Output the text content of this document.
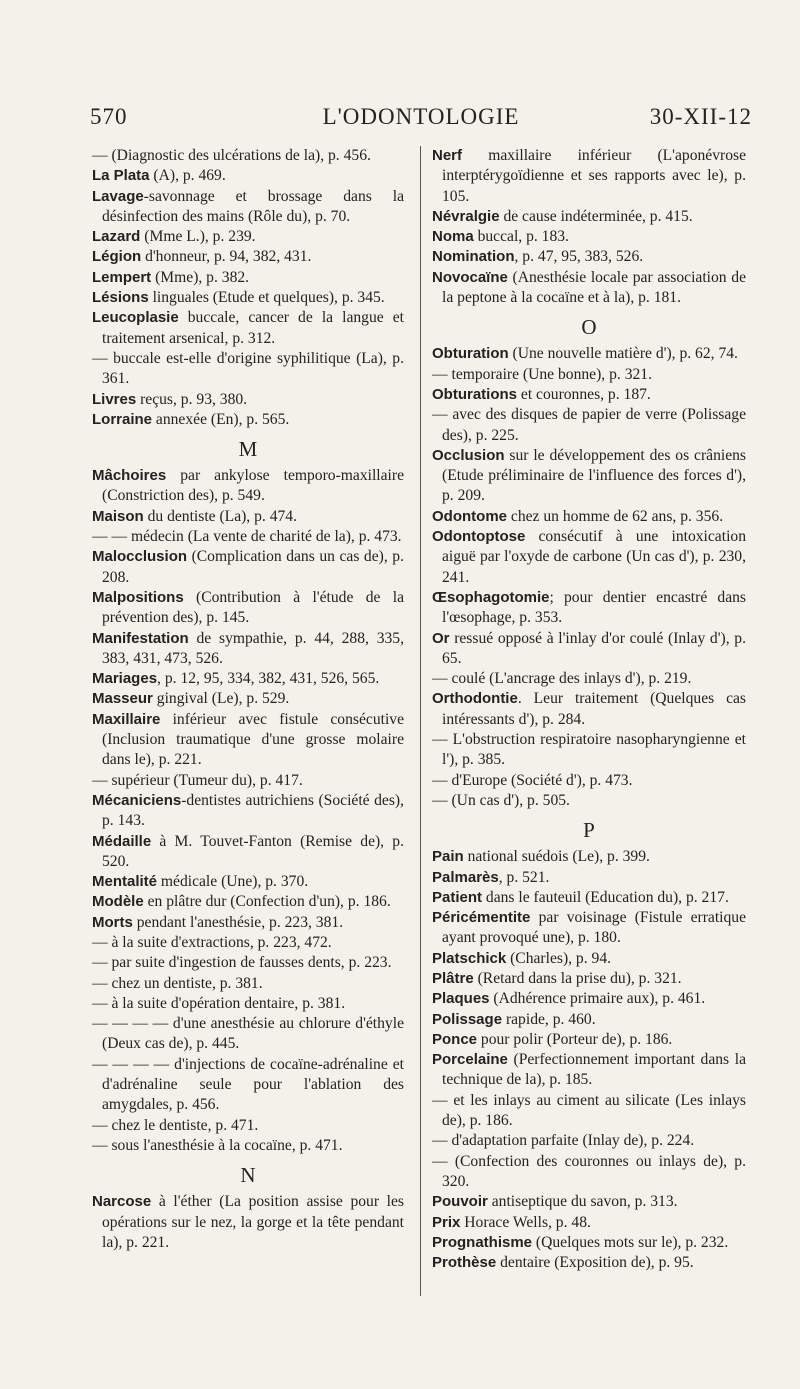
570	L'ODONTOLOGIE	30-XII-12
— (Diagnostic des ulcérations de la), p. 456.
La Plata (A), p. 469.
Lavage-savonnage et brossage dans la désinfection des mains (Rôle du), p. 70.
Lazard (Mme L.), p. 239.
Légion d'honneur, p. 94, 382, 431.
Lempert (Mme), p. 382.
Lésions linguales (Etude et quelques), p. 345.
Leucoplasie buccale, cancer de la langue et traitement arsenical, p. 312.
— buccale est-elle d'origine syphilitique (La), p. 361.
Livres reçus, p. 93, 380.
Lorraine annexée (En), p. 565.
M
Mâchoires par ankylose temporo-maxillaire (Constriction des), p. 549.
Maison du dentiste (La), p. 474.
— — médecin (La vente de charité de la), p. 473.
Malocclusion (Complication dans un cas de), p. 208.
Malpositions (Contribution à l'étude de la prévention des), p. 145.
Manifestation de sympathie, p. 44, 288, 335, 383, 431, 473, 526.
Mariages, p. 12, 95, 334, 382, 431, 526, 565.
Masseur gingival (Le), p. 529.
Maxillaire inférieur avec fistule consécutive (Inclusion traumatique d'une grosse molaire dans le), p. 221.
— supérieur (Tumeur du), p. 417.
Mécaniciens-dentistes autrichiens (Société des), p. 143.
Médaille à M. Touvet-Fanton (Remise de), p. 520.
Mentalité médicale (Une), p. 370.
Modèle en plâtre dur (Confection d'un), p. 186.
Morts pendant l'anesthésie, p. 223, 381.
— à la suite d'extractions, p. 223, 472.
— par suite d'ingestion de fausses dents, p. 223.
— chez un dentiste, p. 381.
— à la suite d'opération dentaire, p. 381.
— — — — d'une anesthésie au chlorure d'éthyle (Deux cas de), p. 445.
— — — — d'injections de cocaïne-adrénaline et d'adrénaline seule pour l'ablation des amygdales, p. 456.
— chez le dentiste, p. 471.
— sous l'anesthésie à la cocaïne, p. 471.
N
Narcose à l'éther (La position assise pour les opérations sur le nez, la gorge et la tête pendant la), p. 221.
Nerf maxillaire inférieur (L'aponévrose interptérygoïdienne et ses rapports avec le), p. 105.
Névralgie de cause indéterminée, p. 415.
Noma buccal, p. 183.
Nomination, p. 47, 95, 383, 526.
Novocaïne (Anesthésie locale par association de la peptone à la cocaïne et à la), p. 181.
O
Obturation (Une nouvelle matière d'), p. 62, 74.
— temporaire (Une bonne), p. 321.
Obturations et couronnes, p. 187.
— avec des disques de papier de verre (Polissage des), p. 225.
Occlusion sur le développement des os crâniens (Etude préliminaire de l'influence des forces d'), p. 209.
Odontome chez un homme de 62 ans, p. 356.
Odontoptose consécutif à une intoxication aiguë par l'oxyde de carbone (Un cas d'), p. 230, 241.
Œsophagotomie; pour dentier encastré dans l'œsophage, p. 353.
Or ressué opposé à l'inlay d'or coulé (Inlay d'), p. 65.
— coulé (L'ancrage des inlays d'), p. 219.
Orthodontie. Leur traitement (Quelques cas intéressants d'), p. 284.
— L'obstruction respiratoire nasopharyngienne et l'), p. 385.
— d'Europe (Société d'), p. 473.
— (Un cas d'), p. 505.
P
Pain national suédois (Le), p. 399.
Palmarès, p. 521.
Patient dans le fauteuil (Education du), p. 217.
Péricémentite par voisinage (Fistule erratique ayant provoqué une), p. 180.
Platschick (Charles), p. 94.
Plâtre (Retard dans la prise du), p. 321.
Plaques (Adhérence primaire aux), p. 461.
Polissage rapide, p. 460.
Ponce pour polir (Porteur de), p. 186.
Porcelaine (Perfectionnement important dans la technique de la), p. 185.
— et les inlays au ciment au silicate (Les inlays de), p. 186.
— d'adaptation parfaite (Inlay de), p. 224.
— (Confection des couronnes ou inlays de), p. 320.
Pouvoir antiseptique du savon, p. 313.
Prix Horace Wells, p. 48.
Prognathisme (Quelques mots sur le), p. 232.
Prothèse dentaire (Exposition de), p. 95.
